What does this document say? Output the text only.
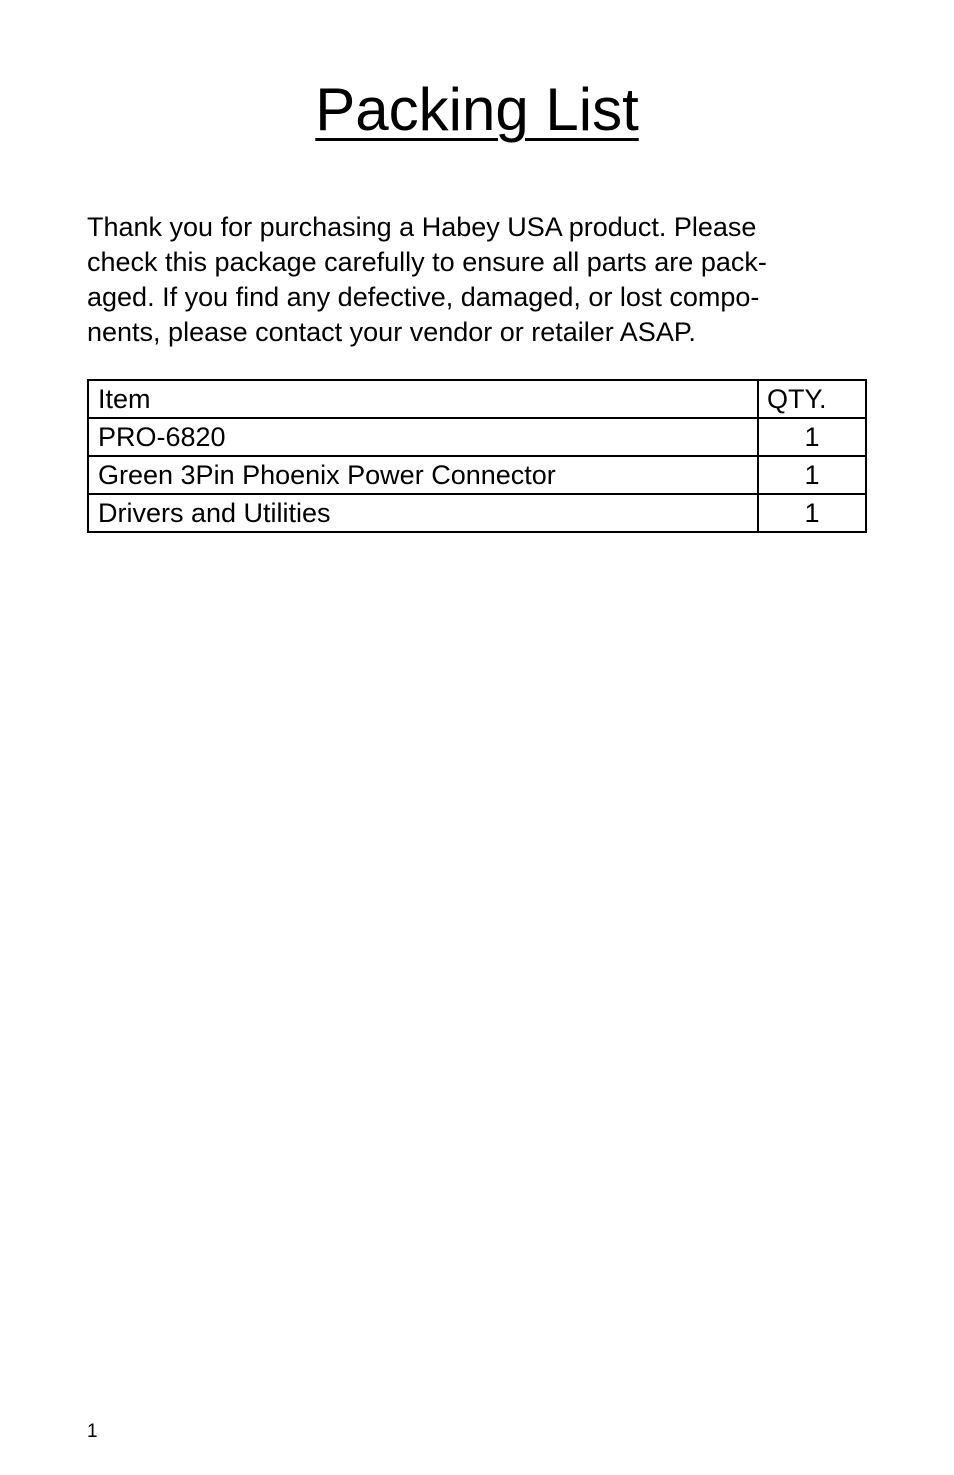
Packing List

Thank you for purchasing a Habey USA product. Please
check this package carefully to ensure all parts are pack-
aged. If you find any defective, damaged, or lost compo-
nents, please contact your vendor or retailer ASAP.

Item	QTY.
PRO-6820	1
Green 3Pin Phoenix Power Connector	1
Drivers and Utilities	1
1
